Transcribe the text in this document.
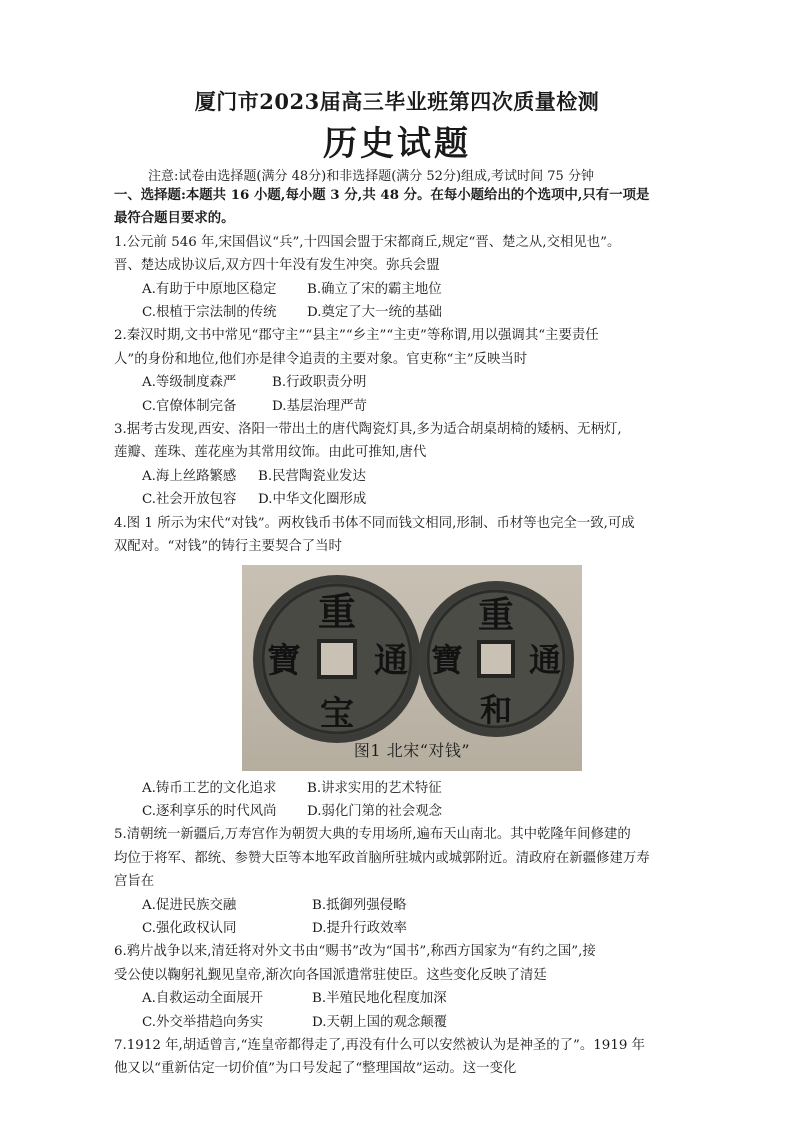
厦门市2023届高三毕业班第四次质量检测
历史试题
注意:试卷由选择题(满分 48分)和非选择题(满分 52分)组成,考试时间 75 分钟
一、选择题:本题共 16 小题,每小题 3 分,共 48 分。在每小题给出的个选项中,只有一项是
最符合题目要求的。
1.公元前 546 年,宋国倡议“兵”,十四国会盟于宋都商丘,规定“晋、楚之从,交相见也”。
晋、楚达成协议后,双方四十年没有发生冲突。弥兵会盟
A.有助于中原地区稳定 B.确立了宋的霸主地位
C.根植于宗法制的传统 D.奠定了大一统的基础
2.秦汉时期,文书中常见“郡守主”“县主”“乡主”“主吏”等称谓,用以强调其“主要责任
人”的身份和地位,他们亦是律令追责的主要对象。官吏称“主”反映当时
A.等级制度森严	B.行政职责分明
C.官僚体制完备	D.基层治理严苛
3.据考古发现,西安、洛阳一带出土的唐代陶瓷灯具,多为适合胡桌胡椅的矮柄、无柄灯,
莲瓣、莲珠、莲花座为其常用纹饰。由此可推知,唐代
A.海上丝路繁感 B.民营陶瓷业发达
C.社会开放包容 D.中华文化圈形成
4.图 1 所示为宋代“对钱”。两枚钱币书体不同而钱文相同,形制、币材等也完全一致,可成
双配对。“对钱”的铸行主要契合了当时
重
通
宝
寶
重
通
和
寶
图1 北宋“对钱”
A.铸币工艺的文化追求 B.讲求实用的艺术特征
C.逐利享乐的时代风尚 D.弱化门第的社会观念
5.清朝统一新疆后,万寿宫作为朝贺大典的专用场所,遍布天山南北。其中乾隆年间修建的
均位于将军、都统、参赞大臣等本地军政首脑所驻城内或城郭附近。清政府在新疆修建万寿
宫旨在
A.促进民族交融	B.抵御列强侵略
C.强化政权认同	D.提升行政效率
6.鸦片战争以来,清廷将对外文书由“赐书”改为“国书”,称西方国家为“有约之国”,接
受公使以鞠躬礼觐见皇帝,渐次向各国派遣常驻使臣。这些变化反映了清廷
A.自救运动全面展开	B.半殖民地化程度加深
C.外交举措趋向务实	D.天朝上国的观念颠覆
7.1912 年,胡适曾言,“连皇帝都得走了,再没有什么可以安然被认为是神圣的了”。1919 年
他又以“重新估定一切价值”为口号发起了“整理国故”运动。这一变化
